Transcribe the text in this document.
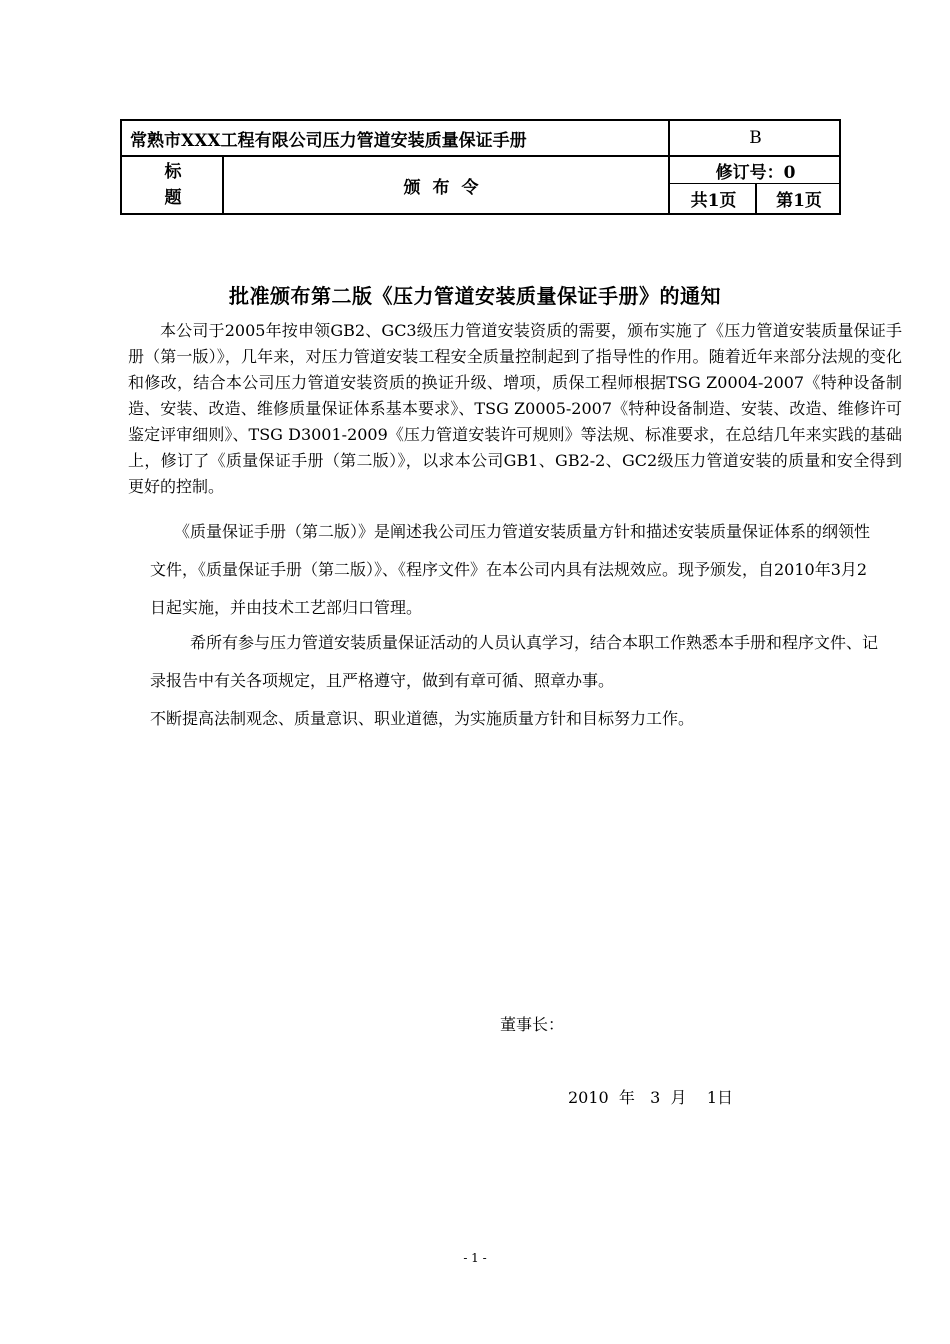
常熟市XXX工程有限公司压力管道安装质量保证手册	B
标
题
颁布令
修订号：0
共1页	第1页
批准颁布第二版《压力管道安装质量保证手册》的通知
本公司于2005年按申领GB2、GC3级压力管道安装资质的需要，颁布实施了《压力管道安装质量保证手册（第一版）》，几年来，对压力管道安装工程安全质量控制起到了指导性的作用。随着近年来部分法规的变化和修改，结合本公司压力管道安装资质的换证升级、增项，质保工程师根据TSG Z0004-2007《特种设备制造、安装、改造、维修质量保证体系基本要求》、TSG Z0005-2007《特种设备制造、安装、改造、维修许可鉴定评审细则》、TSG D3001-2009《压力管道安装许可规则》等法规、标准要求，在总结几年来实践的基础上，修订了《质量保证手册（第二版）》，以求本公司GB1、GB2-2、GC2级压力管道安装的质量和安全得到更好的控制。
《质量保证手册（第二版）》是阐述我公司压力管道安装质量方针和描述安装质量保证体系的纲领性文件，《质量保证手册（第二版）》、《程序文件》在本公司内具有法规效应。现予颁发，自2010年3月2日起实施，并由技术工艺部归口管理。
希所有参与压力管道安装质量保证活动的人员认真学习，结合本职工作熟悉本手册和程序文件、记录报告中有关各项规定，且严格遵守，做到有章可循、照章办事。
不断提高法制观念、质量意识、职业道德，为实施质量方针和目标努力工作。
董事长：
2010  年   3  月    1日
- 1 -
